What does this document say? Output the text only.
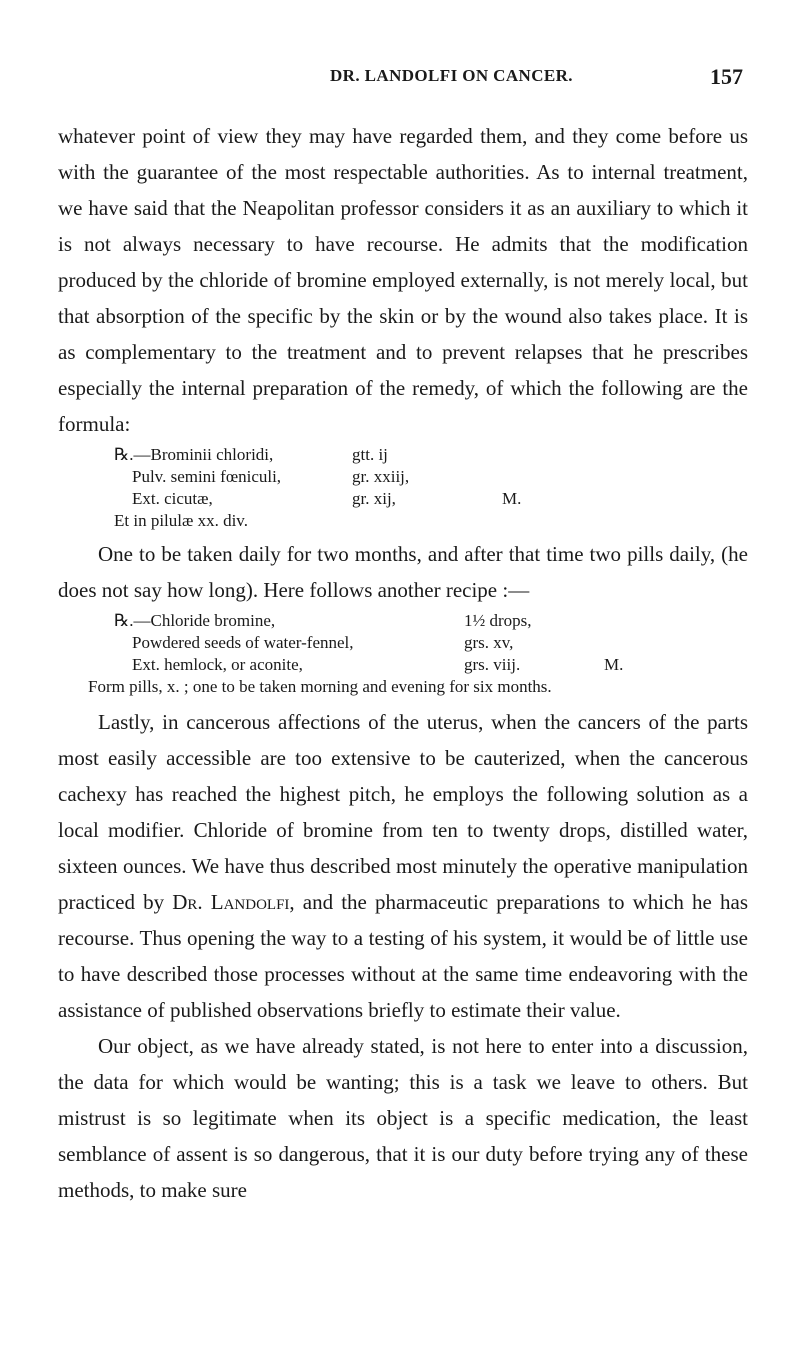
DR. LANDOLFI ON CANCER.	157

whatever point of view they may have regarded them, and they come before us with the guarantee of the most respectable authorities. As to internal treatment, we have said that the Neapolitan professor considers it as an auxiliary to which it is not always necessary to have recourse. He admits that the modification produced by the chloride of bromine employed externally, is not merely local, but that absorption of the specific by the skin or by the wound also takes place. It is as complementary to the treatment and to prevent relapses that he prescribes especially the internal preparation of the remedy, of which the following are the formula:

℞.—Brominii chloridi,	gtt. ij
Pulv. semini fœniculi,	gr. xxiij,
Ext. cicutæ,	gr. xij,	M.
Et in pilulæ xx. div.

One to be taken daily for two months, and after that time two pills daily, (he does not say how long). Here follows another recipe :—

℞.—Chloride bromine,	1½ drops,
Powdered seeds of water-fennel,	grs. xv,
Ext. hemlock, or aconite,	grs. viij.	M.
Form pills, x. ; one to be taken morning and evening for six months.

Lastly, in cancerous affections of the uterus, when the cancers of the parts most easily accessible are too extensive to be cauterized, when the cancerous cachexy has reached the highest pitch, he employs the following solution as a local modifier. Chloride of bromine from ten to twenty drops, distilled water, sixteen ounces. We have thus described most minutely the operative manipulation practiced by Dr. Landolfi, and the pharmaceutic preparations to which he has recourse. Thus opening the way to a testing of his system, it would be of little use to have described those processes without at the same time endeavoring with the assistance of published observations briefly to estimate their value.

Our object, as we have already stated, is not here to enter into a discussion, the data for which would be wanting; this is a task we leave to others. But mistrust is so legitimate when its object is a specific medication, the least semblance of assent is so dangerous, that it is our duty before trying any of these methods, to make sure
